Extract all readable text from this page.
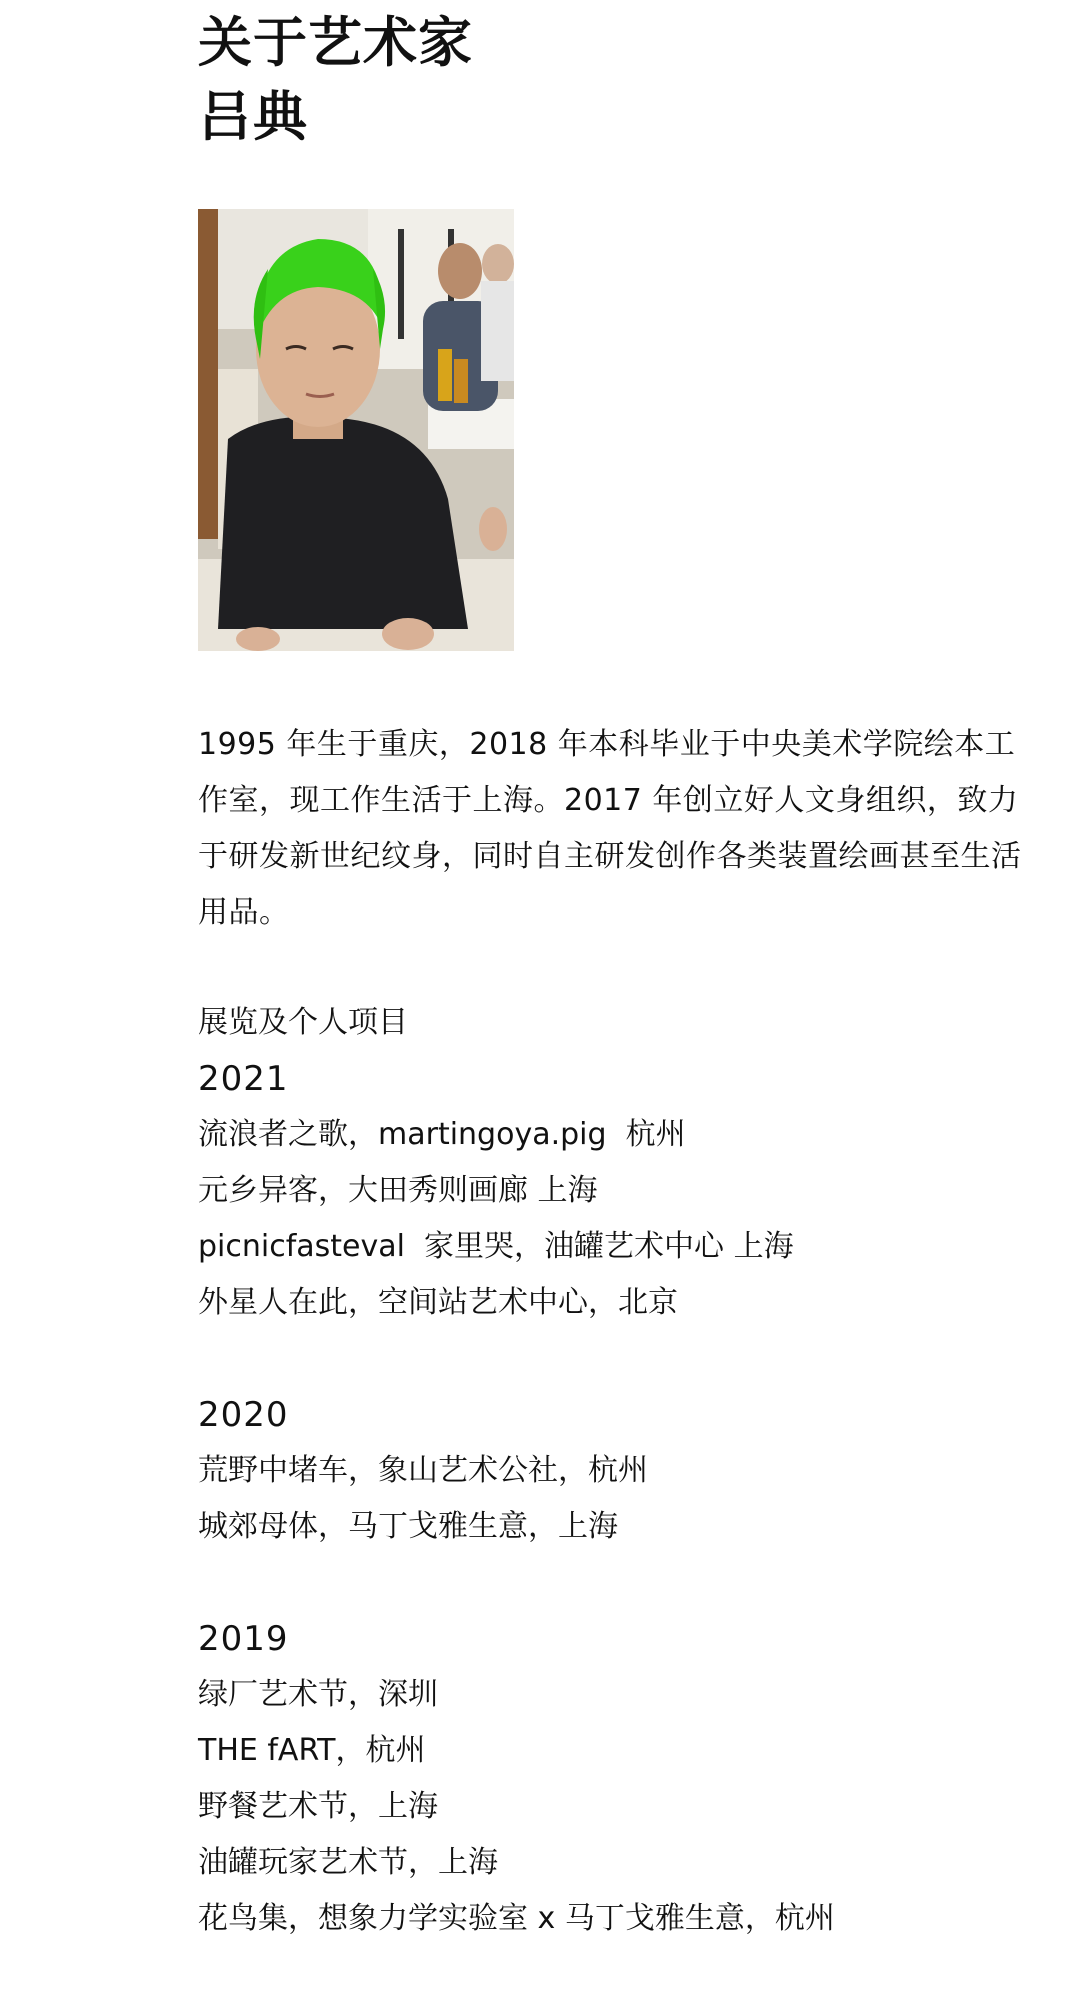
关于艺术家
吕典
1995 年生于重庆，2018 年本科毕业于中央美术学院绘本工作室，现工作生活于上海。2017 年创立好人文身组织，致力于研发新世纪纹身，同时自主研发创作各类装置绘画甚至生活用品。
展览及个人项目
2021
流浪者之歌，martingoya.pig  杭州
元乡异客，大田秀则画廊 上海
picnicfasteval  家里哭，油罐艺术中心 上海
外星人在此，空间站艺术中心，北京
2020
荒野中堵车，象山艺术公社，杭州
城郊母体，马丁戈雅生意，上海
2019
绿厂艺术节，深圳
THE fART，杭州
野餐艺术节，上海
油罐玩家艺术节，上海
花鸟集，想象力学实验室 x 马丁戈雅生意，杭州
